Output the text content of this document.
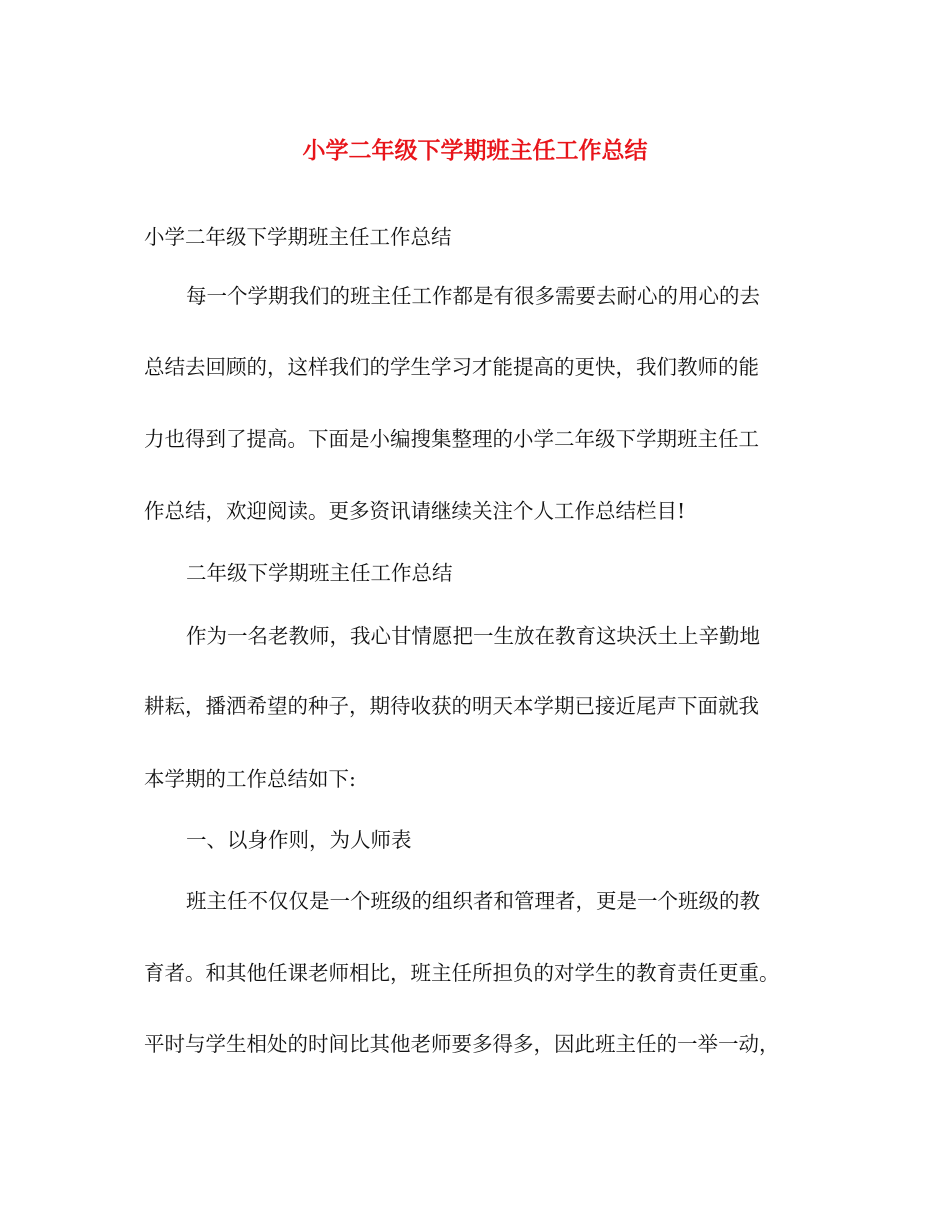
小学二年级下学期班主任工作总结
小学二年级下学期班主任工作总结
每一个学期我们的班主任工作都是有很多需要去耐心的用心的去
总结去回顾的，这样我们的学生学习才能提高的更快，我们教师的能
力也得到了提高。下面是小编搜集整理的小学二年级下学期班主任工
作总结，欢迎阅读。更多资讯请继续关注个人工作总结栏目!
二年级下学期班主任工作总结
作为一名老教师，我心甘情愿把一生放在教育这块沃土上辛勤地
耕耘，播洒希望的种子，期待收获的明天本学期已接近尾声下面就我
本学期的工作总结如下:
一、以身作则，为人师表
班主任不仅仅是一个班级的组织者和管理者，更是一个班级的教
育者。和其他任课老师相比，班主任所担负的对学生的教育责任更重。
平时与学生相处的时间比其他老师要多得多，因此班主任的一举一动，
